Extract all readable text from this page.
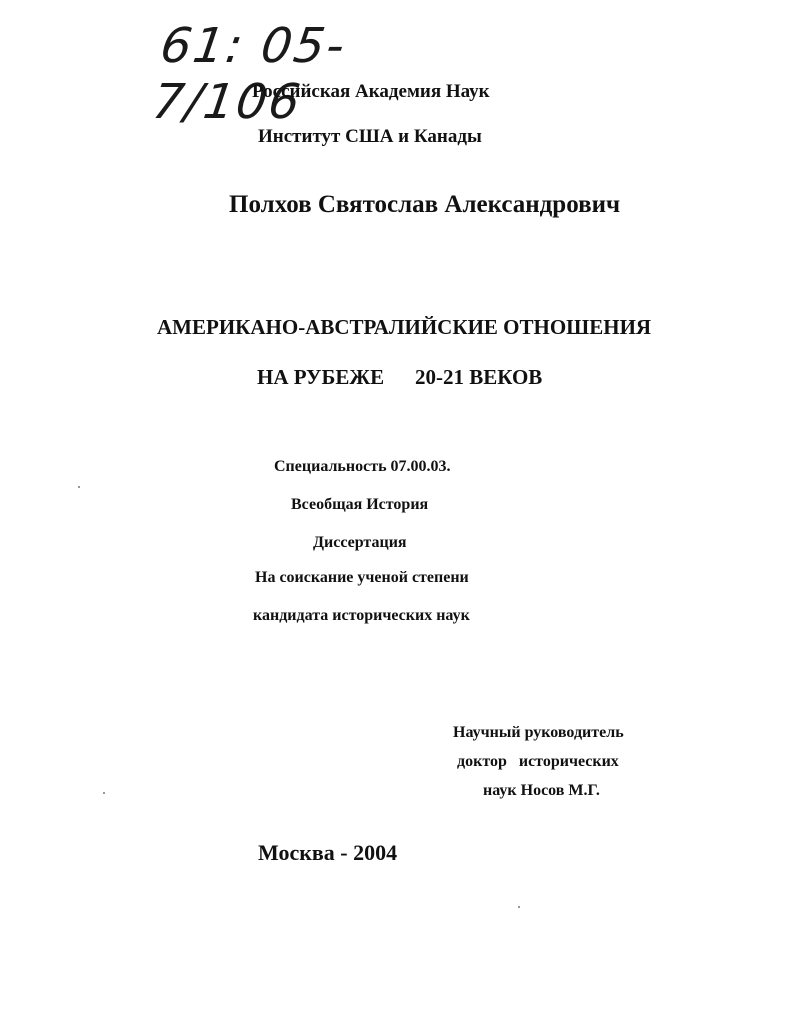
61: 05- 7/106
Российская Академия Наук
Институт США и Канады
Полхов Святослав Александрович
АМЕРИКАНО-АВСТРАЛИЙСКИЕ ОТНОШЕНИЯ
НА РУБЕЖЕ 20-21 ВЕКОВ
Специальность 07.00.03.
Всеобщая История
Диссертация
На соискание ученой степени
кандидата исторических наук
Научный руководитель
доктор   исторических
наук Носов М.Г.
Москва - 2004
